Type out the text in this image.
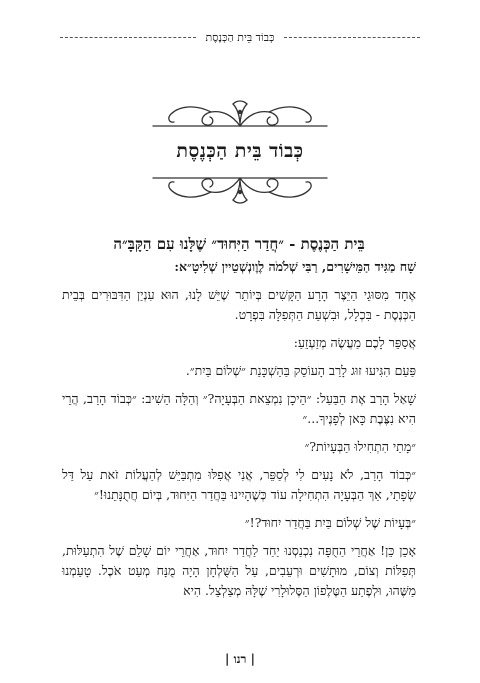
כְּבוֹד בֵּית הַכְּנֶסֶת
כְּבוֹד בֵּית הַכְּנֶסֶת
בֵּית הַכְּנֶסֶת - ״חֲדַר הַיִּחוּד״ שֶׁלָּנוּ עִם הַקָּבָּ״ה

שָׁח מַגִּיד הַמֵּישָׁרִים, רַבִּי שְׁלֹמֹה לֶוֶונְשְׁטֵיין שְׁלִיטָ״א:

אֶחָד מִסּוּגֵי הַיֵּצֶר הָרָע הַקָּשִׁים בְּיוֹתֵר שֶׁיֵּשׁ לָנוּ, הוּא עִנְיַן הַדִּבּוּרִים בְּבֵית הַכְּנֶסֶת - בִּכְלָל, וּבִשְׁעַת הַתְּפִלָּה בִּפְרָט.

אֲסַפֵּר לָכֶם מַעֲשֶׂה מְזַעְזֵעַ:

פַּעַם הִגִּיעוּ זוּג לָרַב הָעוֹסֵק בַּהַשְׁכָּנַת ״שְׁלוֹם בַּיִת״.

שָׁאַל הָרַב אֶת הַבַּעַל: ״הֵיכָן נִמְצֵאת הַבְּעָיָה?״ וְהַלָּה הֵשִׁיב: ״כְּבוֹד הָרַב, הֲרֵי הִיא נִצֶּבֶת כָּאן לְפָנֶיךָ...״

״מָתַי הִתְחִילוּ הַבְּעָיוֹת?״

״כְּבוֹד הָרַב, לֹא נָעִים לִי לְסַפֵּר, אֲנִי אֲפִלּוּ מִתְבַּיֵּשׁ לְהַעֲלוֹת זֹאת עַל דַּל שְׂפָתַי, אַךְ הַבְּעָיָה הִתְחִילָה עוֹד כְּשֶׁהָיִינוּ בַּחֲדַר הַיִּחוּד, בְּיוֹם חֲתֻנָּתֵנוּ!״

״בְּעָיוֹת שֶׁל שְׁלוֹם בַּיִת בַּחֲדַר יִחוּד?!״

אָכֵן כֵּן! אַחֲרֵי הַחֻפָּה נִכְנַסְנוּ יַחַד לַחֲדַר יִחוּד, אַחֲרֵי יוֹם שָׁלֵם שֶׁל הִתְעַלּוּת, תְּפִלּוֹת וְצוֹם, מוּתָשִׁים וּרְעֵבִים, עַל הַשֻּׁלְחָן הָיָה מֻנָּח מְעַט אֹכֶל. טָעַמְנוּ מַשֶּׁהוּ, וּלְפֶתַע הַטֶּלֶפוֹן הַסֶּלוּלָרִי שֶׁלָּהּ מְצַלְצֵל. הִיא

| רנו |
